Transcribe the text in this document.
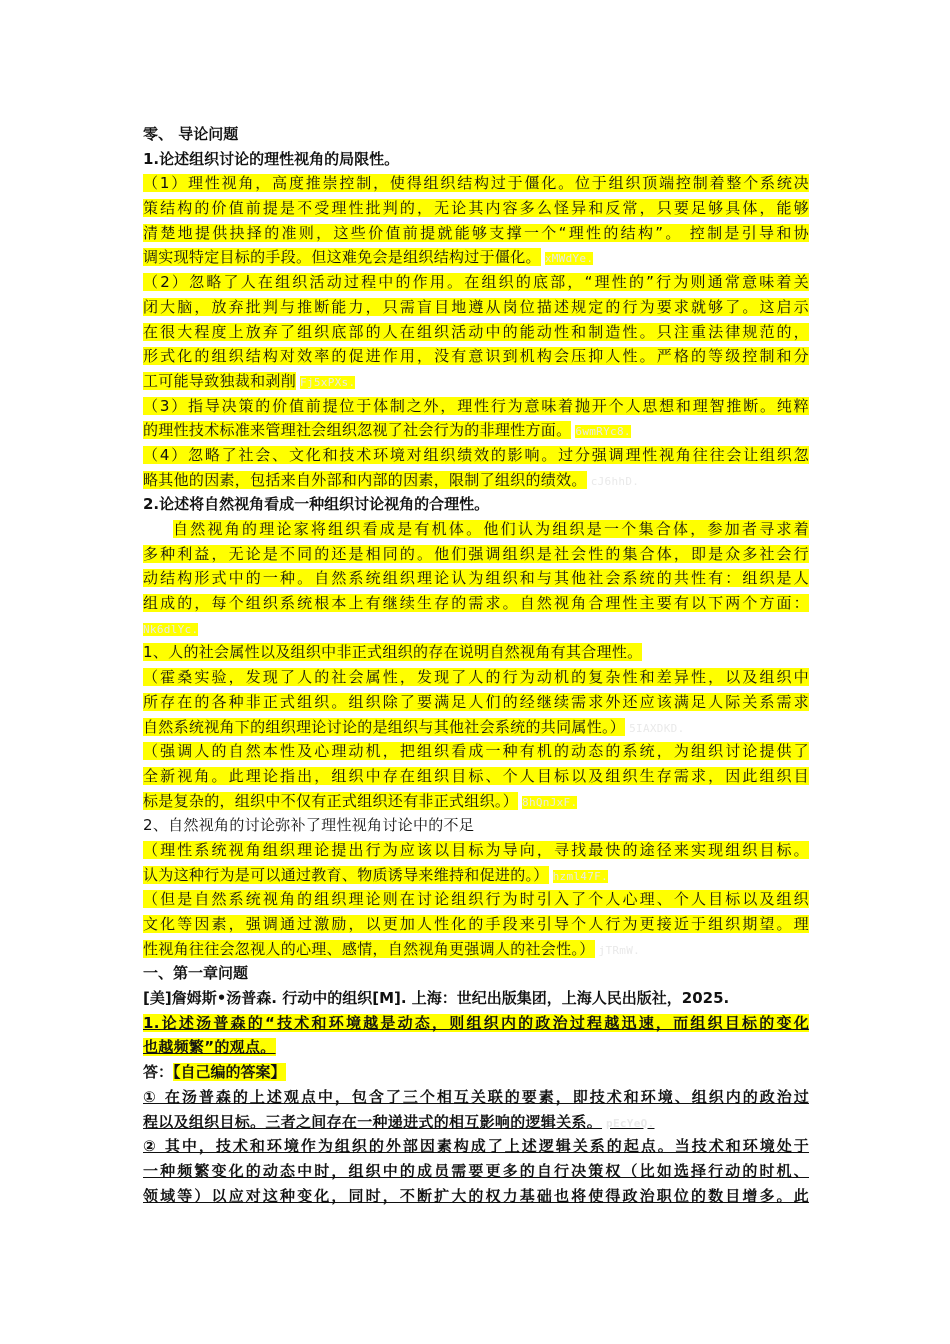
零、 导论问题
1.论述组织讨论的理性视角的局限性。
（1）理性视角，高度推崇控制，使得组织结构过于僵化。位于组织顶端控制着整个系统决
策结构的价值前提是不受理性批判的，无论其内容多么怪异和反常，只要足够具体，能够
清楚地提供抉择的准则，这些价值前提就能够支撑一个“理性的结构”。 控制是引导和协
调实现特定目标的手段。但这难免会是组织结构过于僵化。 xMWdYe.
（2）忽略了人在组织活动过程中的作用。在组织的底部，“理性的”行为则通常意味着关
闭大脑，放弃批判与推断能力，只需盲目地遵从岗位描述规定的行为要求就够了。这启示
在很大程度上放弃了组织底部的人在组织活动中的能动性和制造性。只注重法律规范的，
形式化的组织结构对效率的促进作用，没有意识到机构会压抑人性。严格的等级控制和分
工可能导致独裁和剥削 Fj5xPXs.
（3）指导决策的价值前提位于体制之外，理性行为意味着抛开个人思想和理智推断。纯粹
的理性技术标准来管理社会组织忽视了社会行为的非理性方面。 6wmRYc8.
（4）忽略了社会、文化和技术环境对组织绩效的影响。过分强调理性视角往往会让组织忽
略其他的因素，包括来自外部和内部的因素，限制了组织的绩效。 cJ6hhD.
2.论述将自然视角看成一种组织讨论视角的合理性。
自然视角的理论家将组织看成是有机体。他们认为组织是一个集合体，参加者寻求着
多种利益，无论是不同的还是相同的。他们强调组织是社会性的集合体，即是众多社会行
动结构形式中的一种。自然系统组织理论认为组织和与其他社会系统的共性有：组织是人
组成的，每个组织系统根本上有继续生存的需求。自然视角合理性主要有以下两个方面：
Nk6dlYc.
1、人的社会属性以及组织中非正式组织的存在说明自然视角有其合理性。
（霍桑实验，发现了人的社会属性，发现了人的行为动机的复杂性和差异性，以及组织中
所存在的各种非正式组织。组织除了要满足人们的经继续需求外还应该满足人际关系需求
自然系统视角下的组织理论讨论的是组织与其他社会系统的共同属性。） 5IAXDKD.
（强调人的自然本性及心理动机，把组织看成一种有机的动态的系统，为组织讨论提供了
全新视角。此理论指出，组织中存在组织目标、个人目标以及组织生存需求，因此组织目
标是复杂的，组织中不仅有正式组织还有非正式组织。） 8hQnJxF.
2、自然视角的讨论弥补了理性视角讨论中的不足
（理性系统视角组织理论提出行为应该以目标为导向，寻找最快的途径来实现组织目标。
认为这种行为是可以通过教育、物质诱导来维持和促进的。） hzml47F.
（但是自然系统视角的组织理论则在讨论组织行为时引入了个人心理、个人目标以及组织
文化等因素，强调通过激励，以更加人性化的手段来引导个人行为更接近于组织期望。理
性视角往往会忽视人的心理、感情，自然视角更强调人的社会性。） jTRmW.
一、第一章问题
[美]詹姆斯•汤普森. 行动中的组织[M]. 上海：世纪出版集团，上海人民出版社，2025.
1.论述汤普森的“技术和环境越是动态，则组织内的政治过程越迅速，而组织目标的变化
也越频繁”的观点。
答：【自己编的答案】
① 在汤普森的上述观点中，包含了三个相互关联的要素，即技术和环境、组织内的政治过
程以及组织目标。三者之间存在一种递进式的相互影响的逻辑关系。 pEcYeQ.
② 其中，技术和环境作为组织的外部因素构成了上述逻辑关系的起点。当技术和环境处于
一种频繁变化的动态中时，组织中的成员需要更多的自行决策权（比如选择行动的时机、
领域等）以应对这种变化，同时，不断扩大的权力基础也将使得政治职位的数目增多。此
